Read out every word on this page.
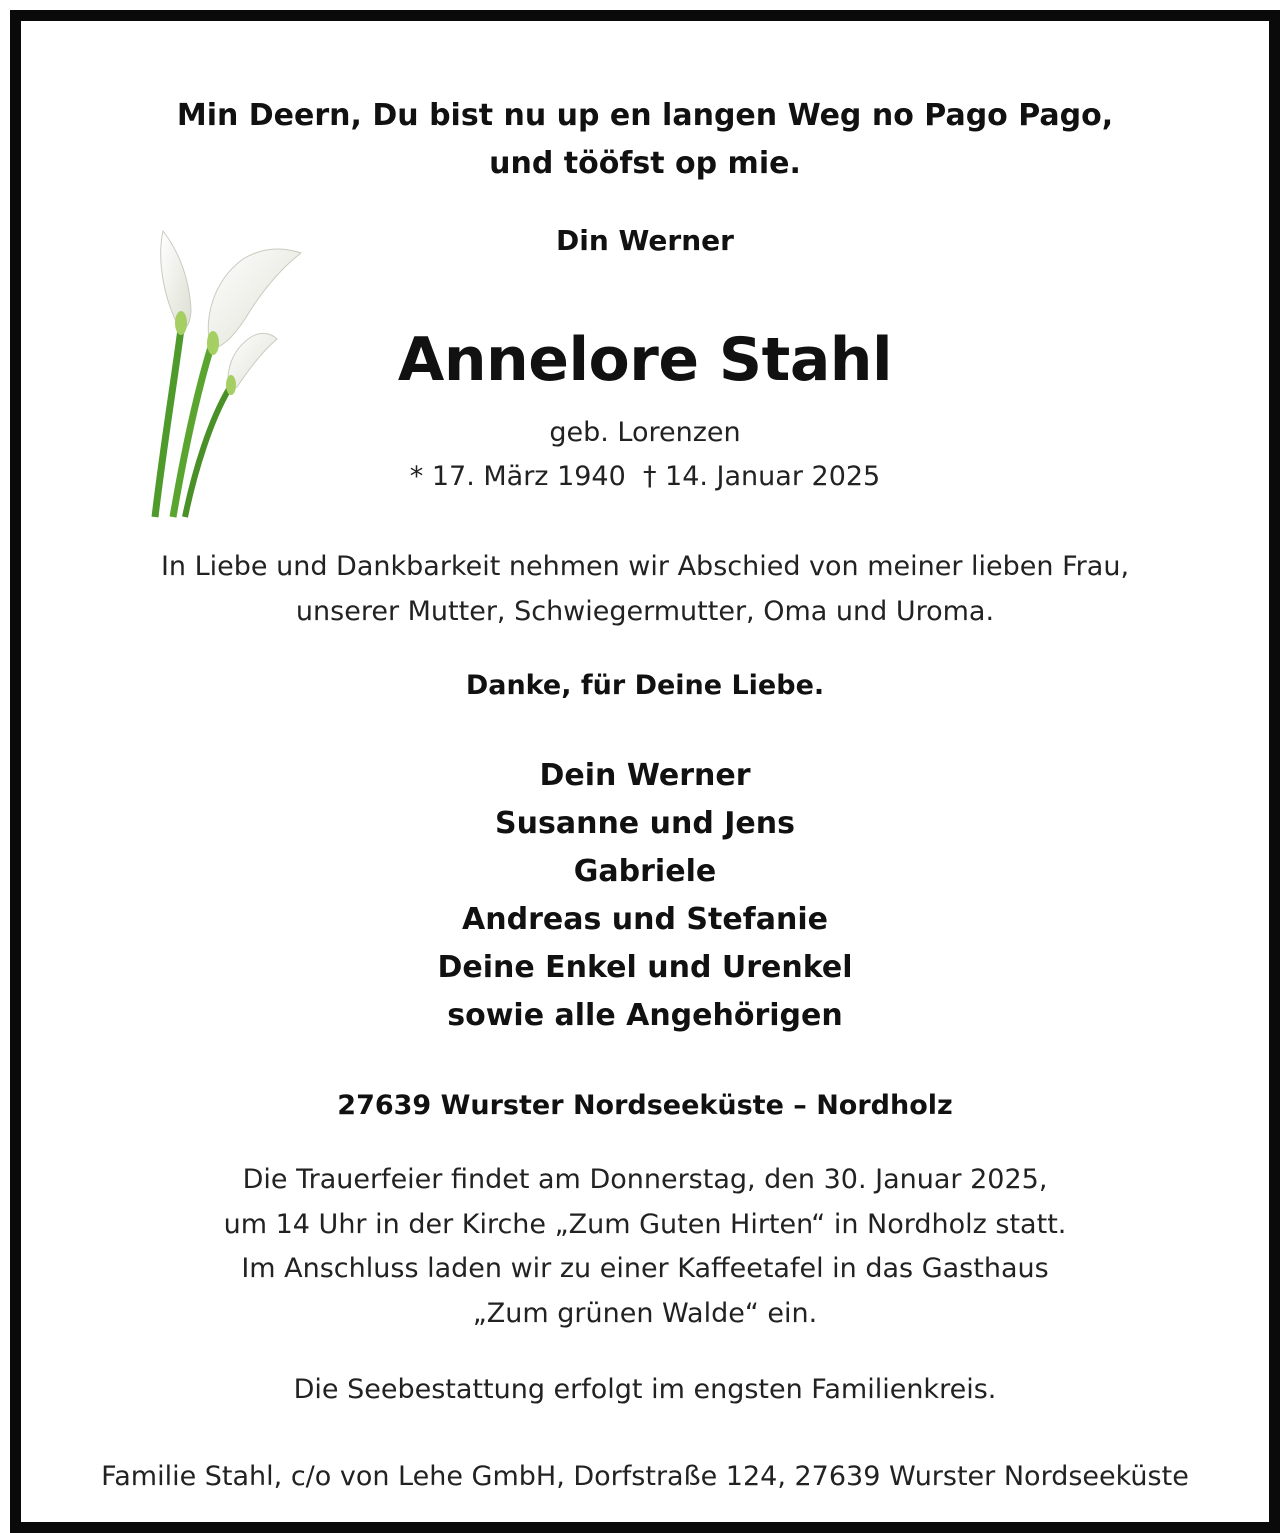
Min Deern, Du bist nu up en langen Weg no Pago Pago,
und tööfst op mie.
Din Werner
Annelore Stahl
geb. Lorenzen
* 17. März 1940  † 14. Januar 2025
In Liebe und Dankbarkeit nehmen wir Abschied von meiner lieben Frau,
unserer Mutter, Schwiegermutter, Oma und Uroma.
Danke, für Deine Liebe.
Dein Werner
Susanne und Jens
Gabriele
Andreas und Stefanie
Deine Enkel und Urenkel
sowie alle Angehörigen
27639 Wurster Nordseeküste – Nordholz
Die Trauerfeier findet am Donnerstag, den 30. Januar 2025,
um 14 Uhr in der Kirche „Zum Guten Hirten“ in Nordholz statt.
Im Anschluss laden wir zu einer Kaffeetafel in das Gasthaus
„Zum grünen Walde“ ein.
Die Seebestattung erfolgt im engsten Familienkreis.
Familie Stahl, c/o von Lehe GmbH, Dorfstraße 124, 27639 Wurster Nordseeküste
